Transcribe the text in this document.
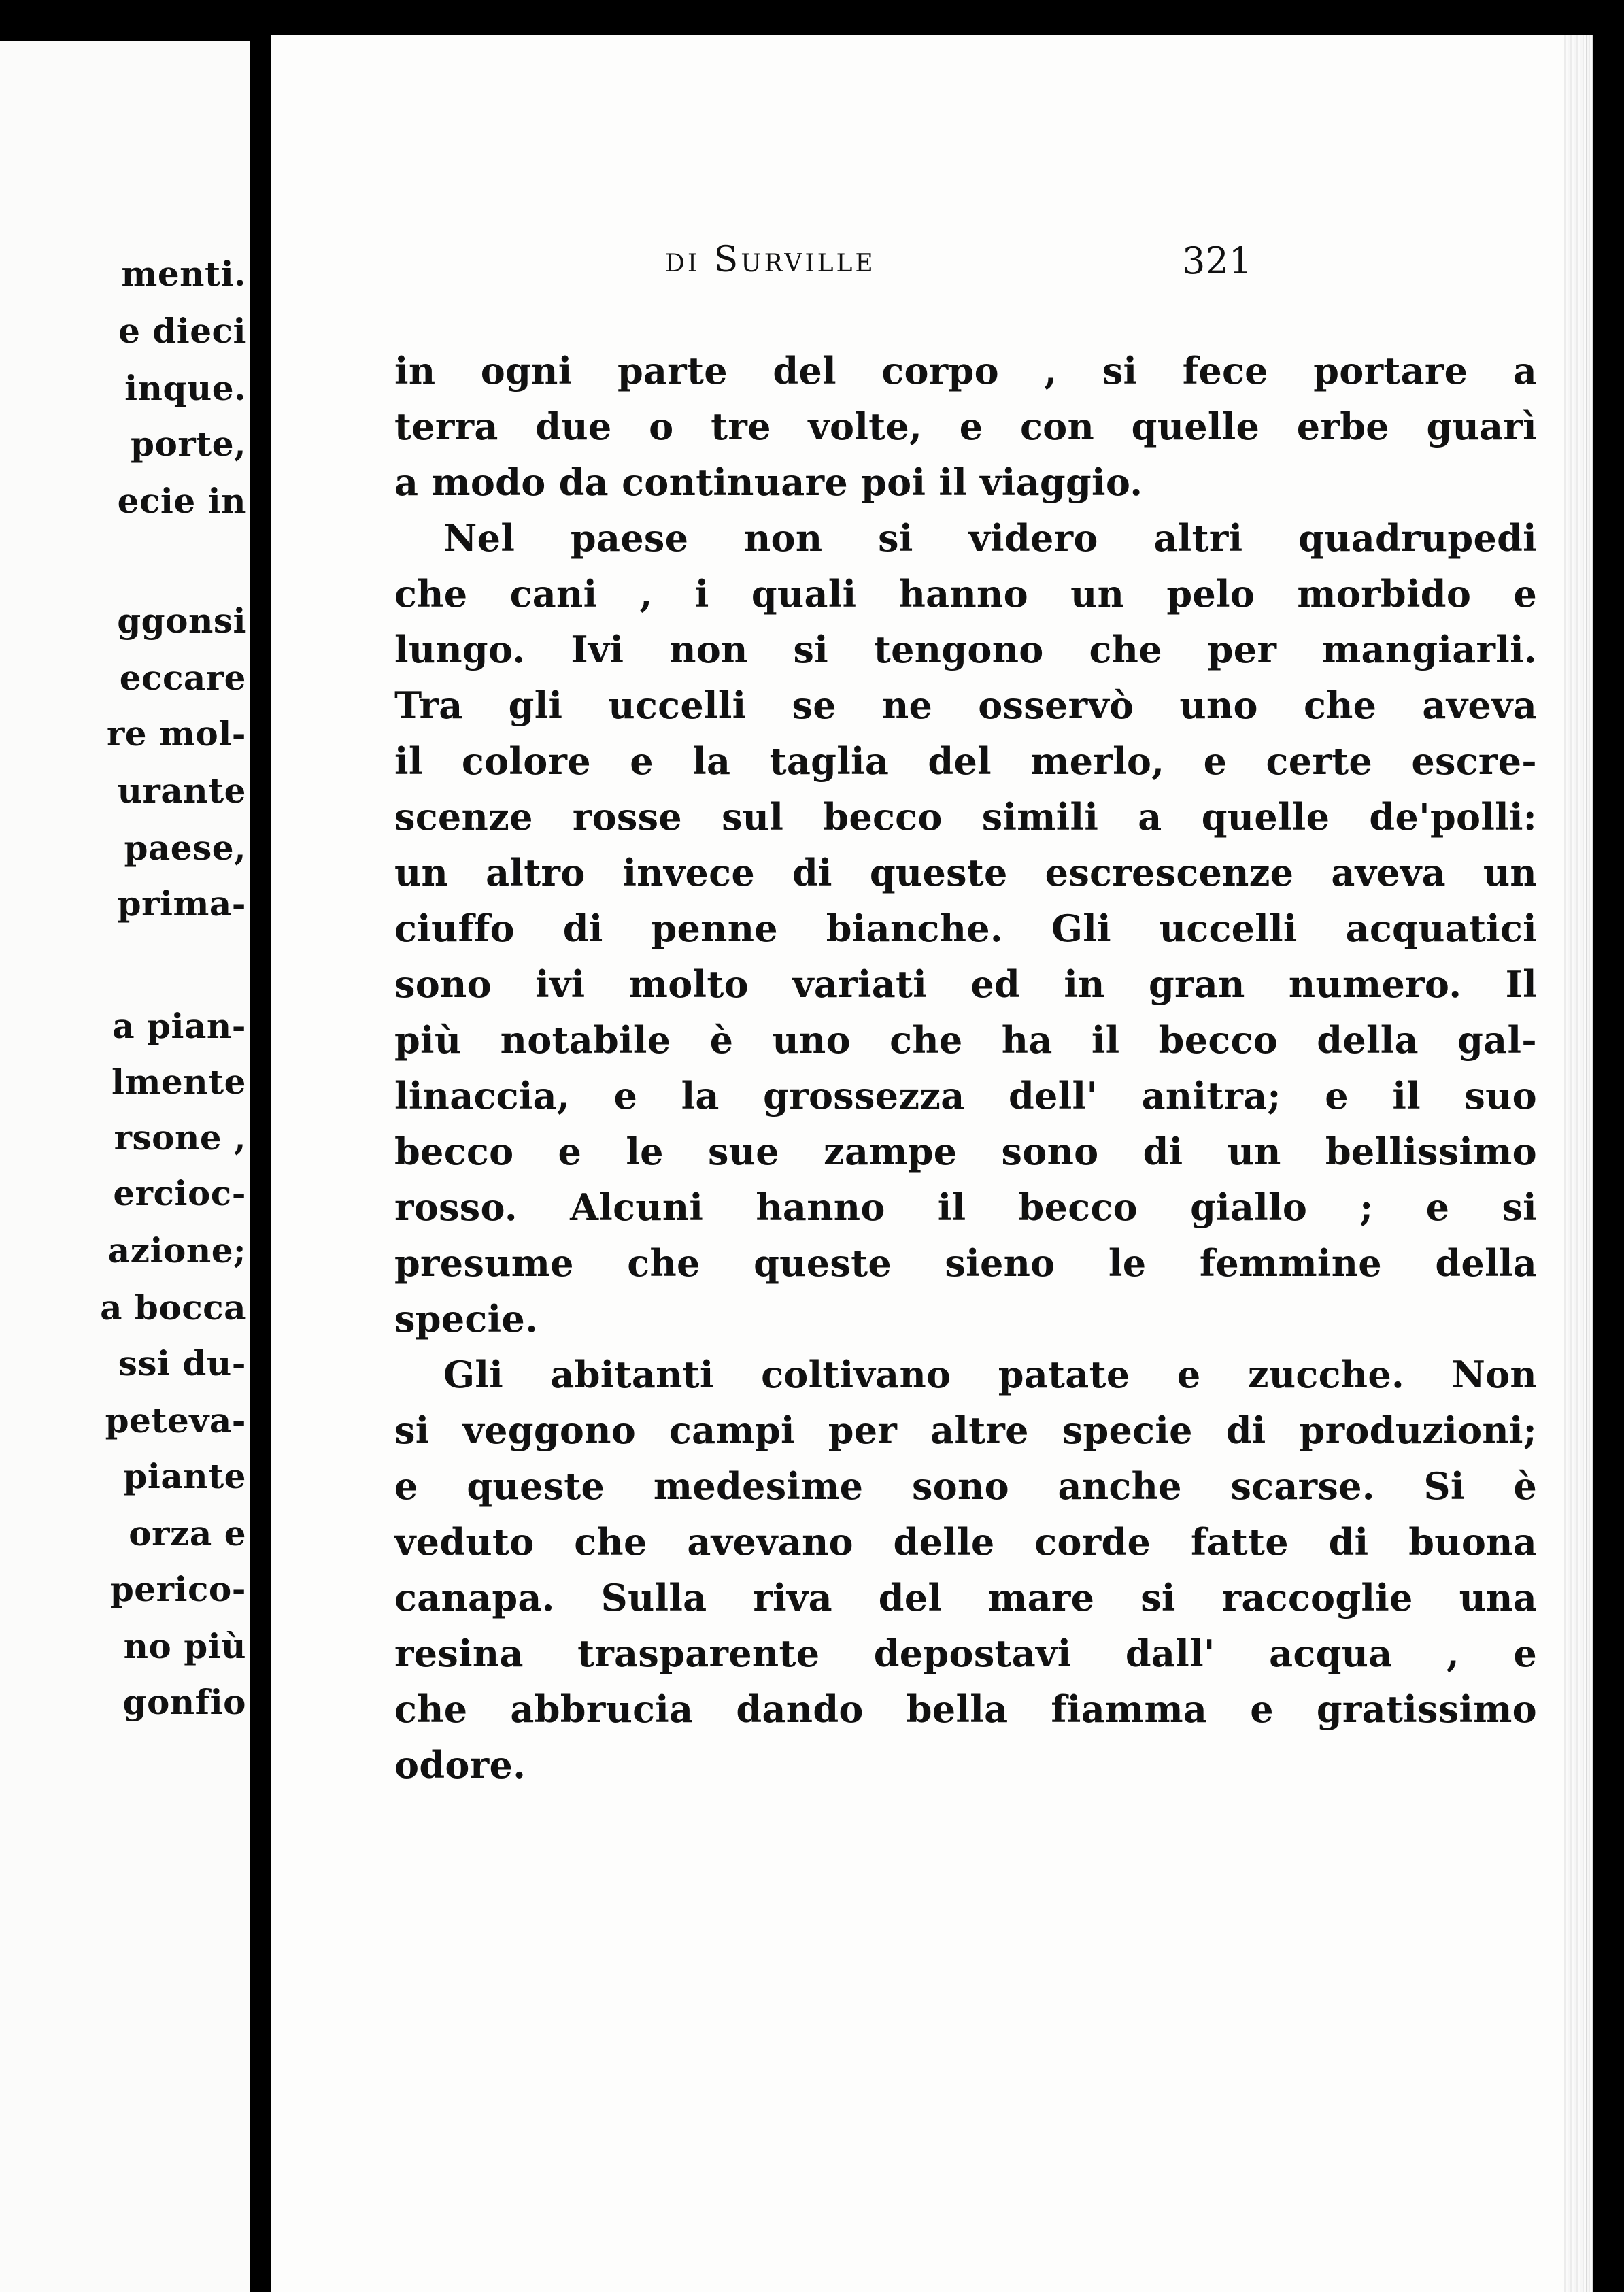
menti.
e dieci
inque.
porte,
ecie in
ggonsi
eccare
re mol-
urante
paese,
prima-
a pian-
lmente
rsone ,
ercioc-
azione;
a bocca
ssi du-
peteva-
piante
orza e
perico-
no più
gonfio
di Surville	321
in ogni parte del corpo , si fece portare a
terra due o tre volte, e con quelle erbe guarì
a modo da continuare poi il viaggio.
Nel paese non si videro altri quadrupedi
che cani , i quali hanno un pelo morbido e
lungo. Ivi non si tengono che per mangiarli.
Tra gli uccelli se ne osservò uno che aveva
il colore e la taglia del merlo, e certe escre-
scenze rosse sul becco simili a quelle de'polli:
un altro invece di queste escrescenze aveva un
ciuffo di penne bianche. Gli uccelli acquatici
sono ivi molto variati ed in gran numero. Il
più notabile è uno che ha il becco della gal-
linaccia, e la grossezza dell' anitra; e il suo
becco e le sue zampe sono di un bellissimo
rosso. Alcuni hanno il becco giallo ; e si
presume che queste sieno le femmine della
specie.
Gli abitanti coltivano patate e zucche. Non
si veggono campi per altre specie di produzioni;
e queste medesime sono anche scarse. Si è
veduto che avevano delle corde fatte di buona
canapa. Sulla riva del mare si raccoglie una
resina trasparente depostavi dall' acqua , e
che abbrucia dando bella fiamma e gratissimo
odore.
